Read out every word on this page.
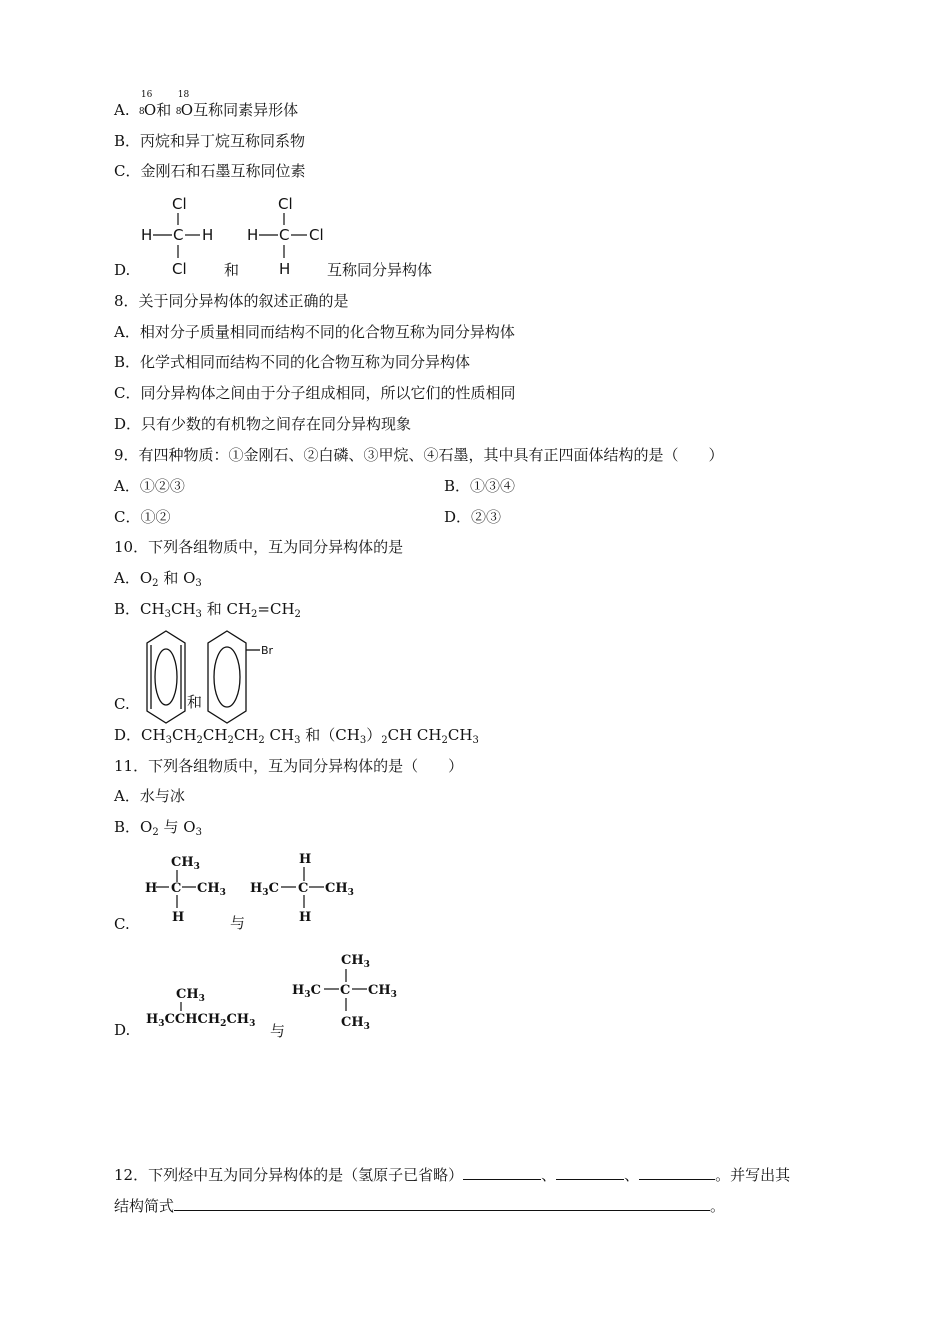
A.
16
8 O和
18
8 O互称同素异形体
B．丙烷和异丁烷互称同系物
C．金刚石和石墨互称同位素
Cl
H C H
Cl
Cl
H C Cl
H
D.	和	互称同分异构体
8．关于同分异构体的叙述正确的是
A．相对分子质量相同而结构不同的化合物互称为同分异构体
B．化学式相同而结构不同的化合物互称为同分异构体
C．同分异构体之间由于分子组成相同，所以它们的性质相同
D．只有少数的有机物之间存在同分异构现象
9．有四种物质：①金刚石、②白磷、③甲烷、④石墨，其中具有正四面体结构的是（　　）
A．①②③	B．①③④
C．①②	D．②③
10．下列各组物质中，互为同分异构体的是
A．$O_2$ 和 $O_3$
B．$CH_3CH_3$ 和 $CH_2=CH_2$
Br
C.	和
D．$CH_3CH_2CH_2CH_2$ $CH_3$ 和$(CH_3)_2CH$ $CH_2CH_3$
11．下列各组物质中，互为同分异构体的是（　　）
A．水与冰
B．$O_2$ 与 $O_3$
$CH_3$
H C $CH_3$
H
H
$H_3C$ C $CH_3$
H
C.	与
$CH_3$
$H_3CCHCH_2CH_3$
$CH_3$
$H_3C$ C $CH_3$
$CH_3$
D.	与
12．下列烃中互为同分异构体的是（氢原子已省略）	、	、	。并写出其
结构简式	。
